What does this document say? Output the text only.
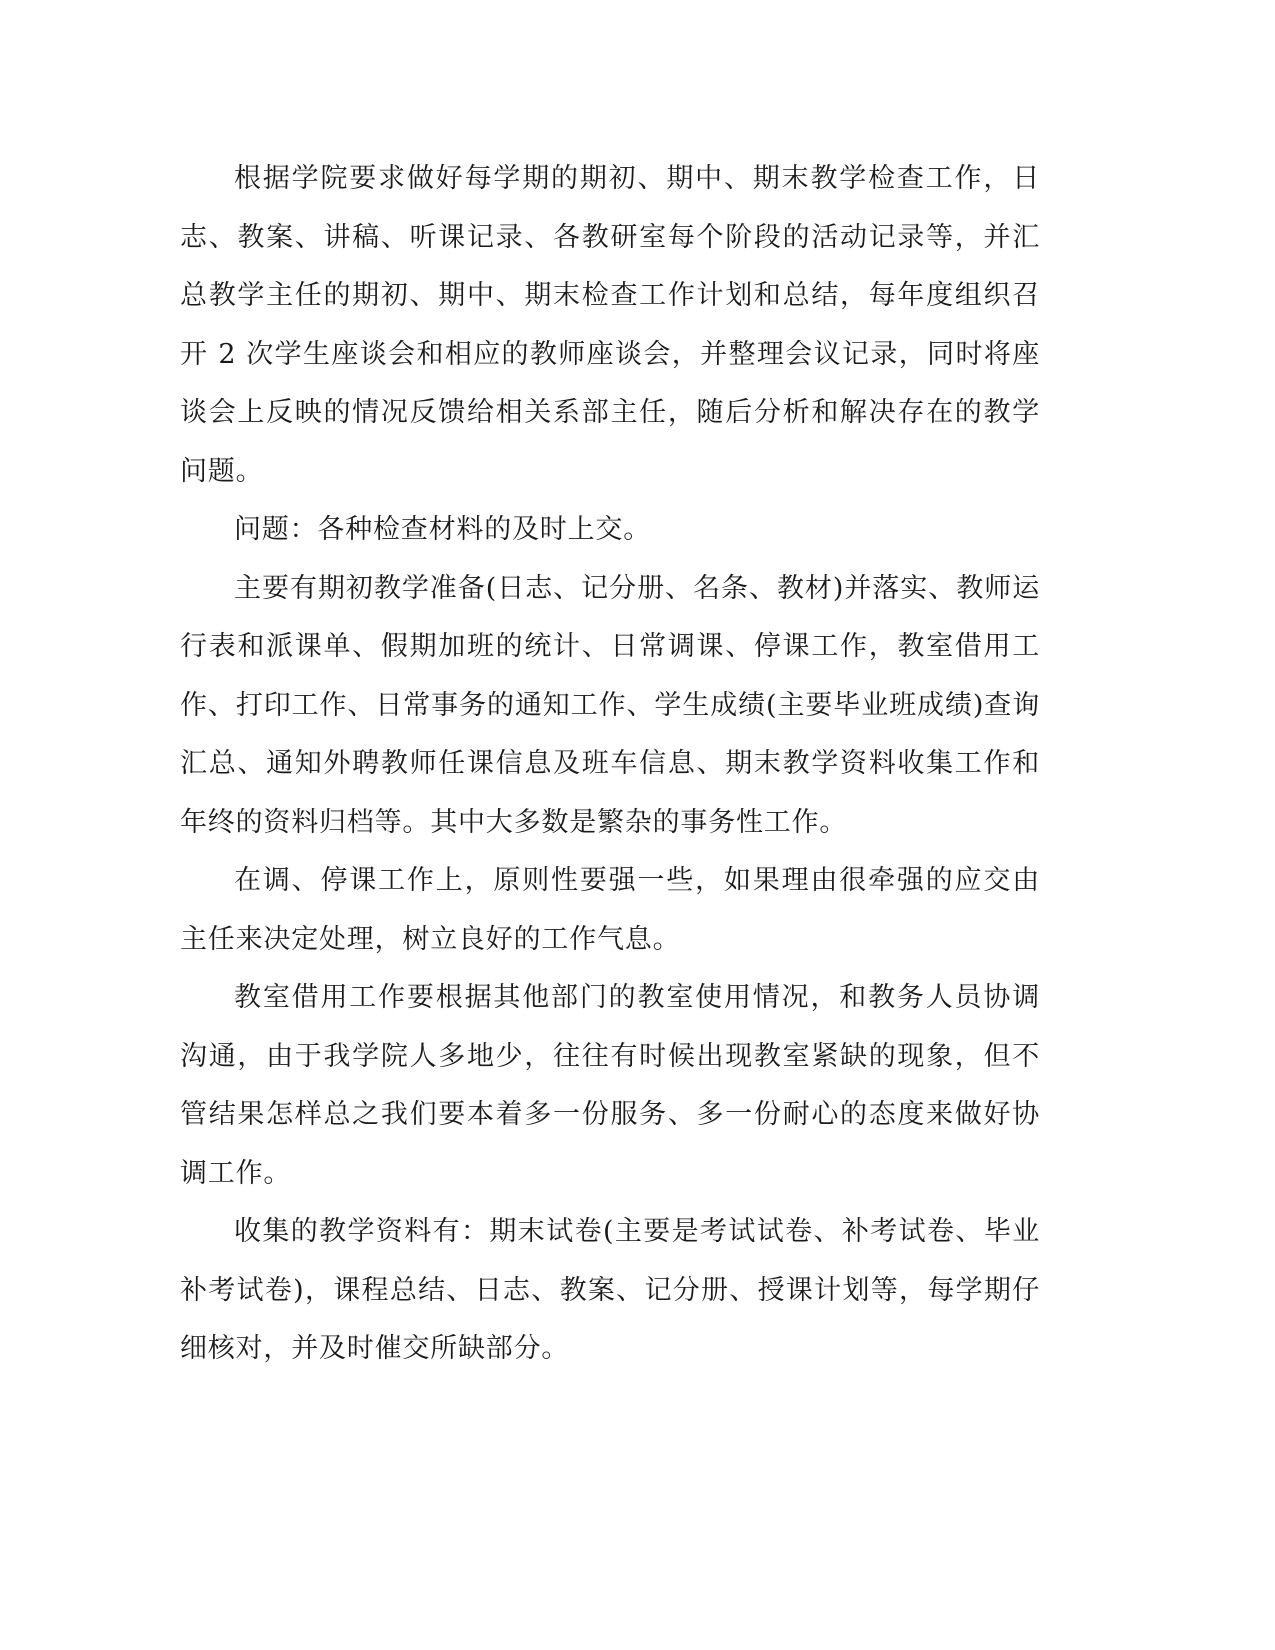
根据学院要求做好每学期的期初、期中、期末教学检查工作，日志、教案、讲稿、听课记录、各教研室每个阶段的活动记录等，并汇总教学主任的期初、期中、期末检查工作计划和总结，每年度组织召开 2 次学生座谈会和相应的教师座谈会，并整理会议记录，同时将座谈会上反映的情况反馈给相关系部主任，随后分析和解决存在的教学问题。

问题：各种检查材料的及时上交。

主要有期初教学准备(日志、记分册、名条、教材)并落实、教师运行表和派课单、假期加班的统计、日常调课、停课工作，教室借用工作、打印工作、日常事务的通知工作、学生成绩(主要毕业班成绩)查询汇总、通知外聘教师任课信息及班车信息、期末教学资料收集工作和年终的资料归档等。其中大多数是繁杂的事务性工作。

在调、停课工作上，原则性要强一些，如果理由很牵强的应交由主任来决定处理，树立良好的工作气息。

教室借用工作要根据其他部门的教室使用情况，和教务人员协调沟通，由于我学院人多地少，往往有时候出现教室紧缺的现象，但不管结果怎样总之我们要本着多一份服务、多一份耐心的态度来做好协调工作。

收集的教学资料有：期末试卷(主要是考试试卷、补考试卷、毕业补考试卷)，课程总结、日志、教案、记分册、授课计划等，每学期仔细核对，并及时催交所缺部分。
